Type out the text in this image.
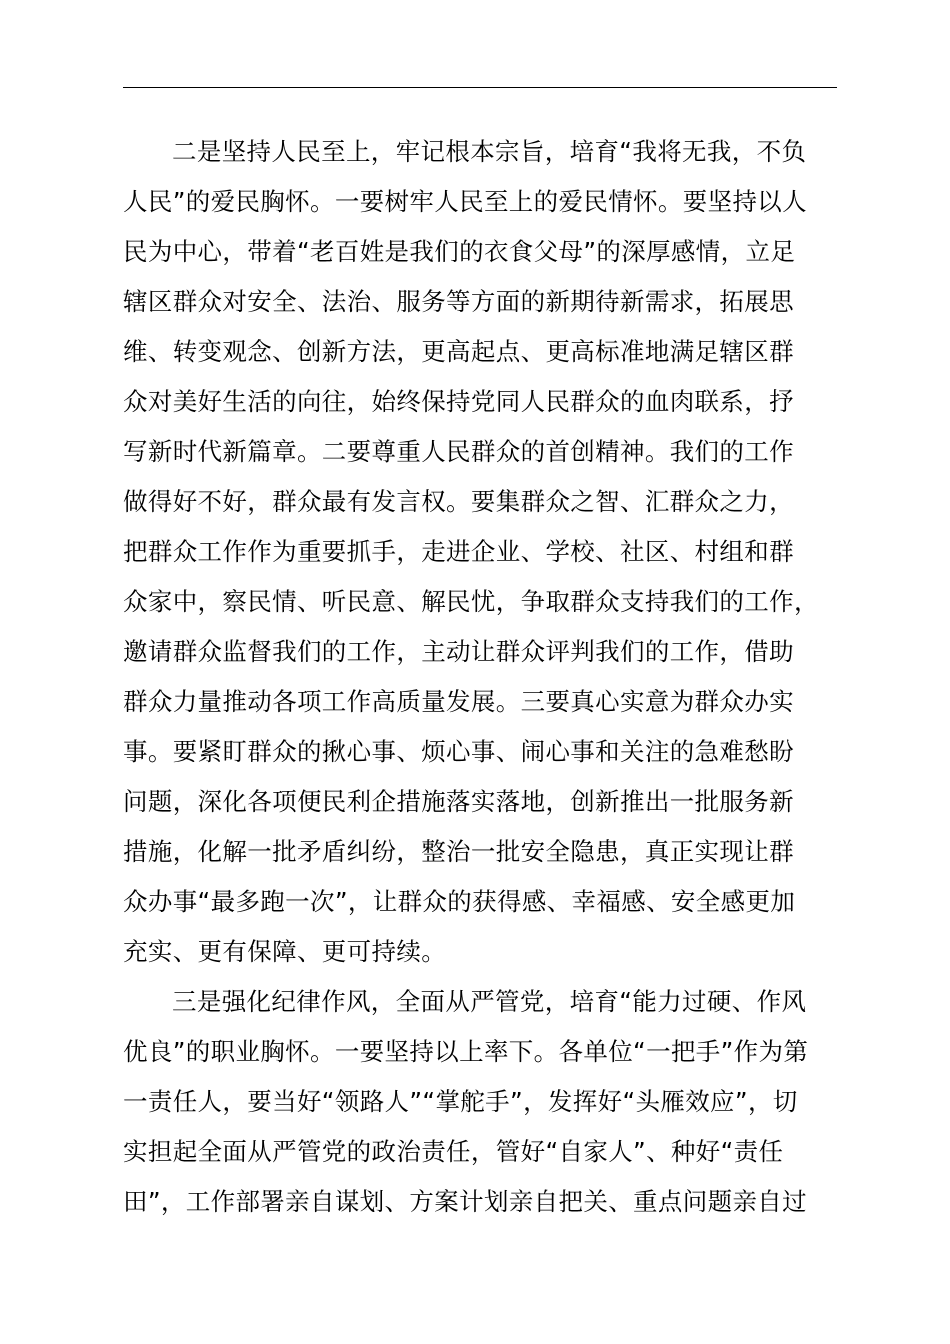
二是坚持人民至上，牢记根本宗旨，培育“我将无我，不负
人民”的爱民胸怀。一要树牢人民至上的爱民情怀。要坚持以人
民为中心，带着“老百姓是我们的衣食父母”的深厚感情，立足
辖区群众对安全、法治、服务等方面的新期待新需求，拓展思
维、转变观念、创新方法，更高起点、更高标准地满足辖区群
众对美好生活的向往，始终保持党同人民群众的血肉联系，抒
写新时代新篇章。二要尊重人民群众的首创精神。我们的工作
做得好不好，群众最有发言权。要集群众之智、汇群众之力，
把群众工作作为重要抓手，走进企业、学校、社区、村组和群
众家中，察民情、听民意、解民忧，争取群众支持我们的工作，
邀请群众监督我们的工作，主动让群众评判我们的工作，借助
群众力量推动各项工作高质量发展。三要真心实意为群众办实
事。要紧盯群众的揪心事、烦心事、闹心事和关注的急难愁盼
问题，深化各项便民利企措施落实落地，创新推出一批服务新
措施，化解一批矛盾纠纷，整治一批安全隐患，真正实现让群
众办事“最多跑一次”，让群众的获得感、幸福感、安全感更加
充实、更有保障、更可持续。
三是强化纪律作风，全面从严管党，培育“能力过硬、作风
优良”的职业胸怀。一要坚持以上率下。各单位“一把手”作为第
一责任人，要当好“领路人”“掌舵手”，发挥好“头雁效应”，切
实担起全面从严管党的政治责任，管好“自家人”、种好“责任
田”，工作部署亲自谋划、方案计划亲自把关、重点问题亲自过
